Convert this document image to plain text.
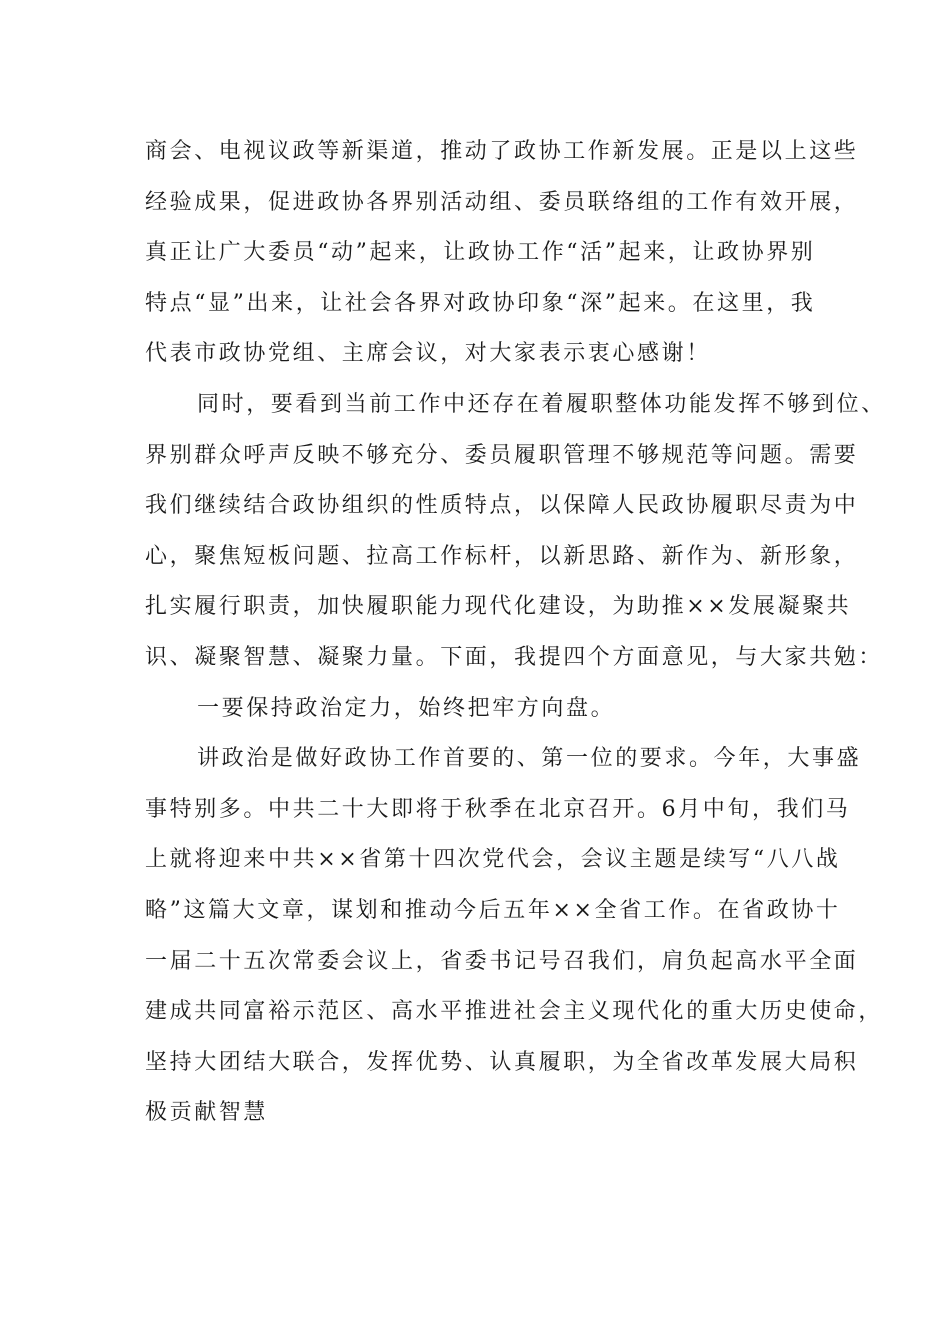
商会、电视议政等新渠道，推动了政协工作新发展。正是以上这些
经验成果，促进政协各界别活动组、委员联络组的工作有效开展，
真正让广大委员“动”起来，让政协工作“活”起来，让政协界别
特点“显”出来，让社会各界对政协印象“深”起来。在这里，我
代表市政协党组、主席会议，对大家表示衷心感谢！
同时，要看到当前工作中还存在着履职整体功能发挥不够到位、
界别群众呼声反映不够充分、委员履职管理不够规范等问题。需要
我们继续结合政协组织的性质特点，以保障人民政协履职尽责为中
心，聚焦短板问题、拉高工作标杆，以新思路、新作为、新形象，
扎实履行职责，加快履职能力现代化建设，为助推××发展凝聚共
识、凝聚智慧、凝聚力量。下面，我提四个方面意见，与大家共勉：
一要保持政治定力，始终把牢方向盘。
讲政治是做好政协工作首要的、第一位的要求。今年，大事盛
事特别多。中共二十大即将于秋季在北京召开。6月中旬，我们马
上就将迎来中共××省第十四次党代会，会议主题是续写“八八战
略”这篇大文章，谋划和推动今后五年××全省工作。在省政协十
一届二十五次常委会议上，省委书记号召我们，肩负起高水平全面
建成共同富裕示范区、高水平推进社会主义现代化的重大历史使命，
坚持大团结大联合，发挥优势、认真履职，为全省改革发展大局积
极贡献智慧
